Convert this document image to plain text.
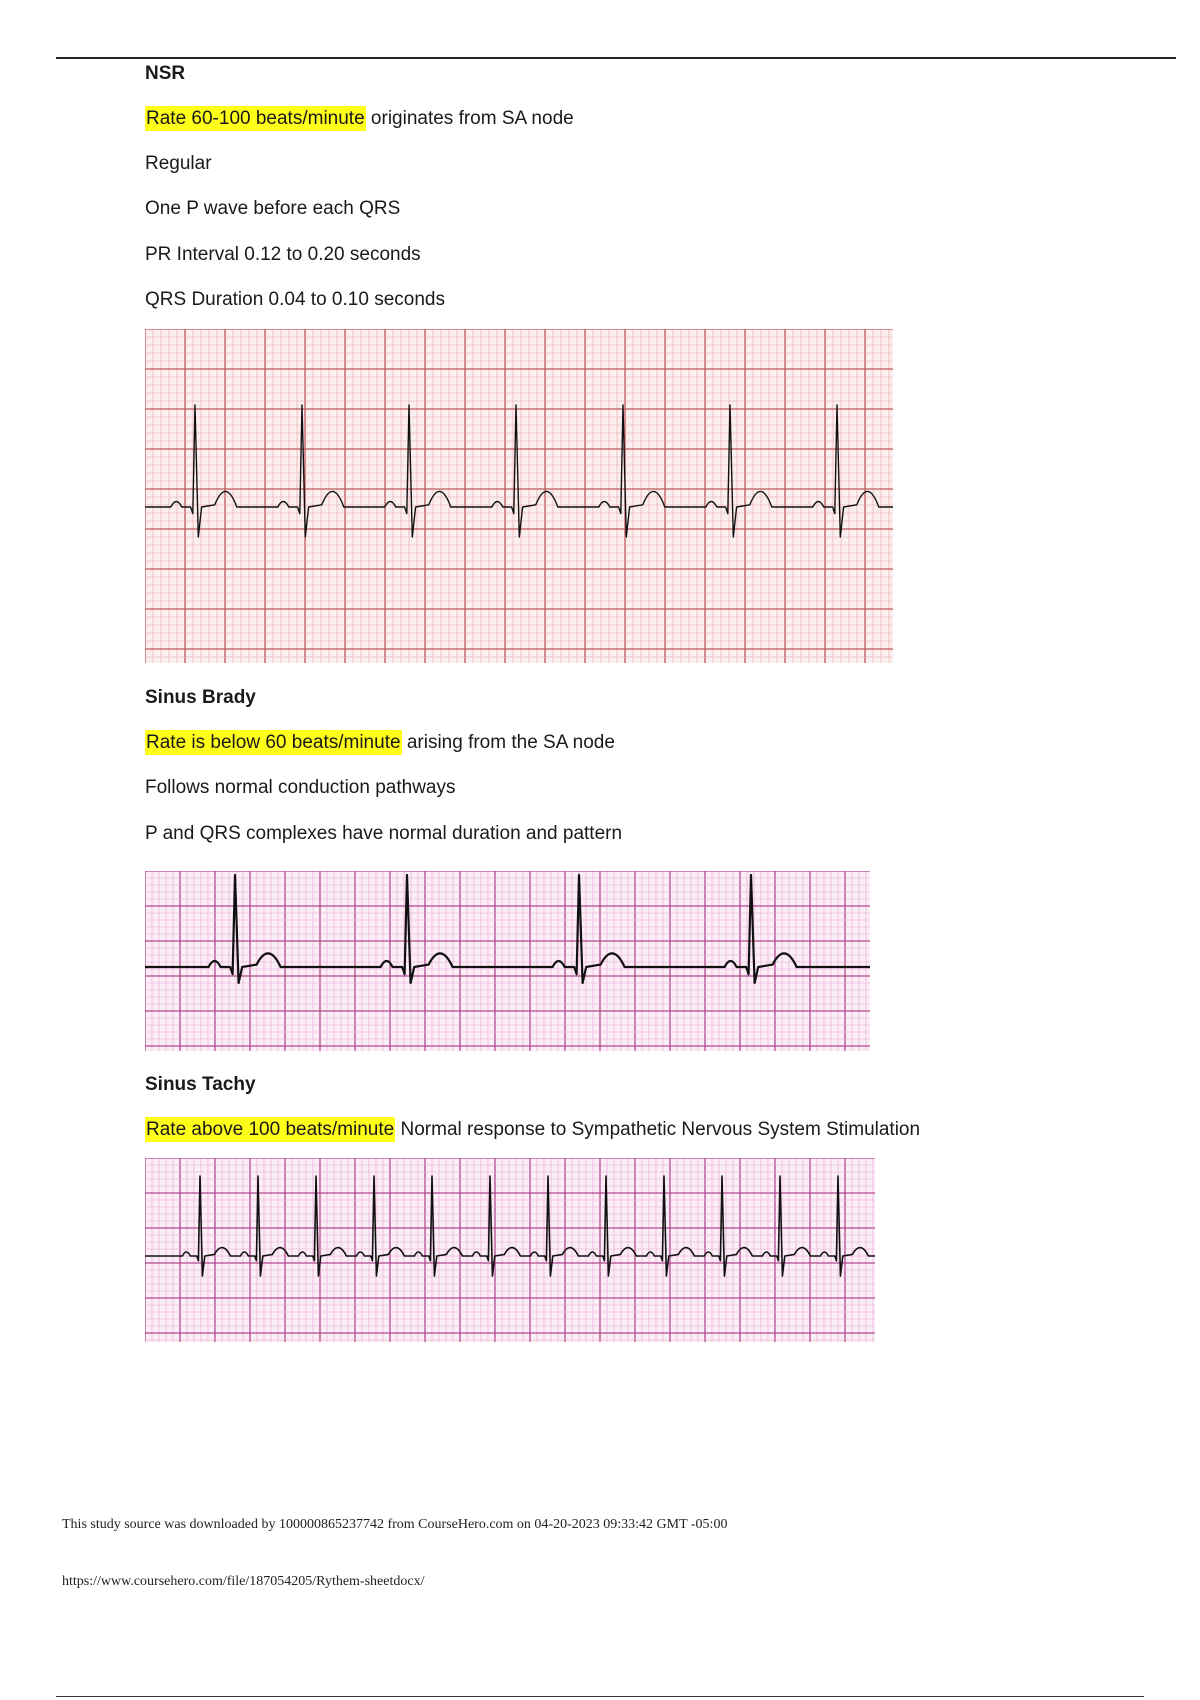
NSR

Rate 60-100 beats/minute originates from SA node

Regular

One P wave before each QRS

PR Interval 0.12 to 0.20 seconds

QRS Duration 0.04 to 0.10 seconds

Sinus Brady

Rate is below 60 beats/minute arising from the SA node

Follows normal conduction pathways

P and QRS complexes have normal duration and pattern

Sinus Tachy

Rate above 100 beats/minute Normal response to Sympathetic Nervous System Stimulation

This study source was downloaded by 100000865237742 from CourseHero.com on 04-20-2023 09:33:42 GMT -05:00
https://www.coursehero.com/file/187054205/Rythem-sheetdocx/
